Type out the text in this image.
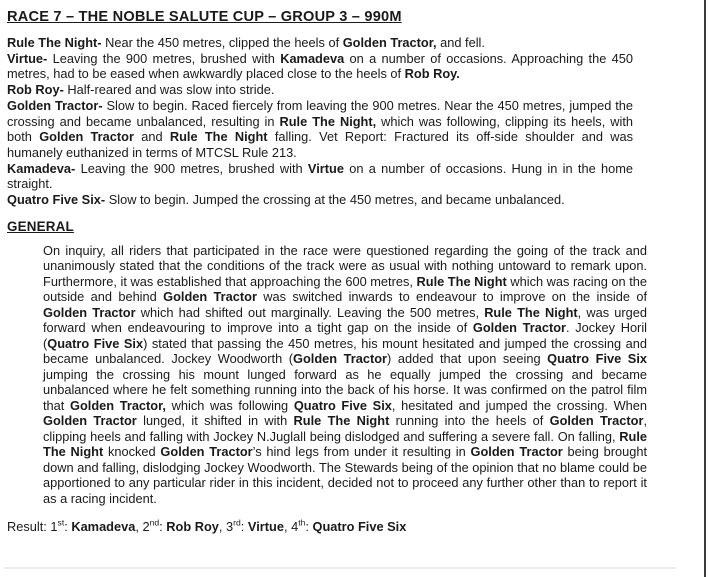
RACE 7 – THE NOBLE SALUTE CUP – GROUP 3 – 990M

Rule The Night- Near the 450 metres, clipped the heels of Golden Tractor, and fell.

Virtue- Leaving the 900 metres, brushed with Kamadeva on a number of occasions. Approaching the 450 metres, had to be eased when awkwardly placed close to the heels of Rob Roy.

Rob Roy- Half-reared and was slow into stride.

Golden Tractor- Slow to begin. Raced fiercely from leaving the 900 metres. Near the 450 metres, jumped the crossing and became unbalanced, resulting in Rule The Night, which was following, clipping its heels, with both Golden Tractor and Rule The Night falling. Vet Report: Fractured its off-side shoulder and was humanely euthanized in terms of MTCSL Rule 213.

Kamadeva- Leaving the 900 metres, brushed with Virtue on a number of occasions. Hung in in the home straight.

Quatro Five Six- Slow to begin. Jumped the crossing at the 450 metres, and became unbalanced.

GENERAL

On inquiry, all riders that participated in the race were questioned regarding the going of the track and unanimously stated that the conditions of the track were as usual with nothing untoward to remark upon. Furthermore, it was established that approaching the 600 metres, Rule The Night which was racing on the outside and behind Golden Tractor was switched inwards to endeavour to improve on the inside of Golden Tractor which had shifted out marginally. Leaving the 500 metres, Rule The Night, was urged forward when endeavouring to improve into a tight gap on the inside of Golden Tractor. Jockey Horil (Quatro Five Six) stated that passing the 450 metres, his mount hesitated and jumped the crossing and became unbalanced. Jockey Woodworth (Golden Tractor) added that upon seeing Quatro Five Six jumping the crossing his mount lunged forward as he equally jumped the crossing and became unbalanced where he felt something running into the back of his horse. It was confirmed on the patrol film that Golden Tractor, which was following Quatro Five Six, hesitated and jumped the crossing. When Golden Tractor lunged, it shifted in with Rule The Night running into the heels of Golden Tractor, clipping heels and falling with Jockey N.Juglall being dislodged and suffering a severe fall. On falling, Rule The Night knocked Golden Tractor’s hind legs from under it resulting in Golden Tractor being brought down and falling, dislodging Jockey Woodworth. The Stewards being of the opinion that no blame could be apportioned to any particular rider in this incident, decided not to proceed any further other than to report it as a racing incident.

Result: 1st: Kamadeva, 2nd: Rob Roy, 3rd: Virtue, 4th: Quatro Five Six
